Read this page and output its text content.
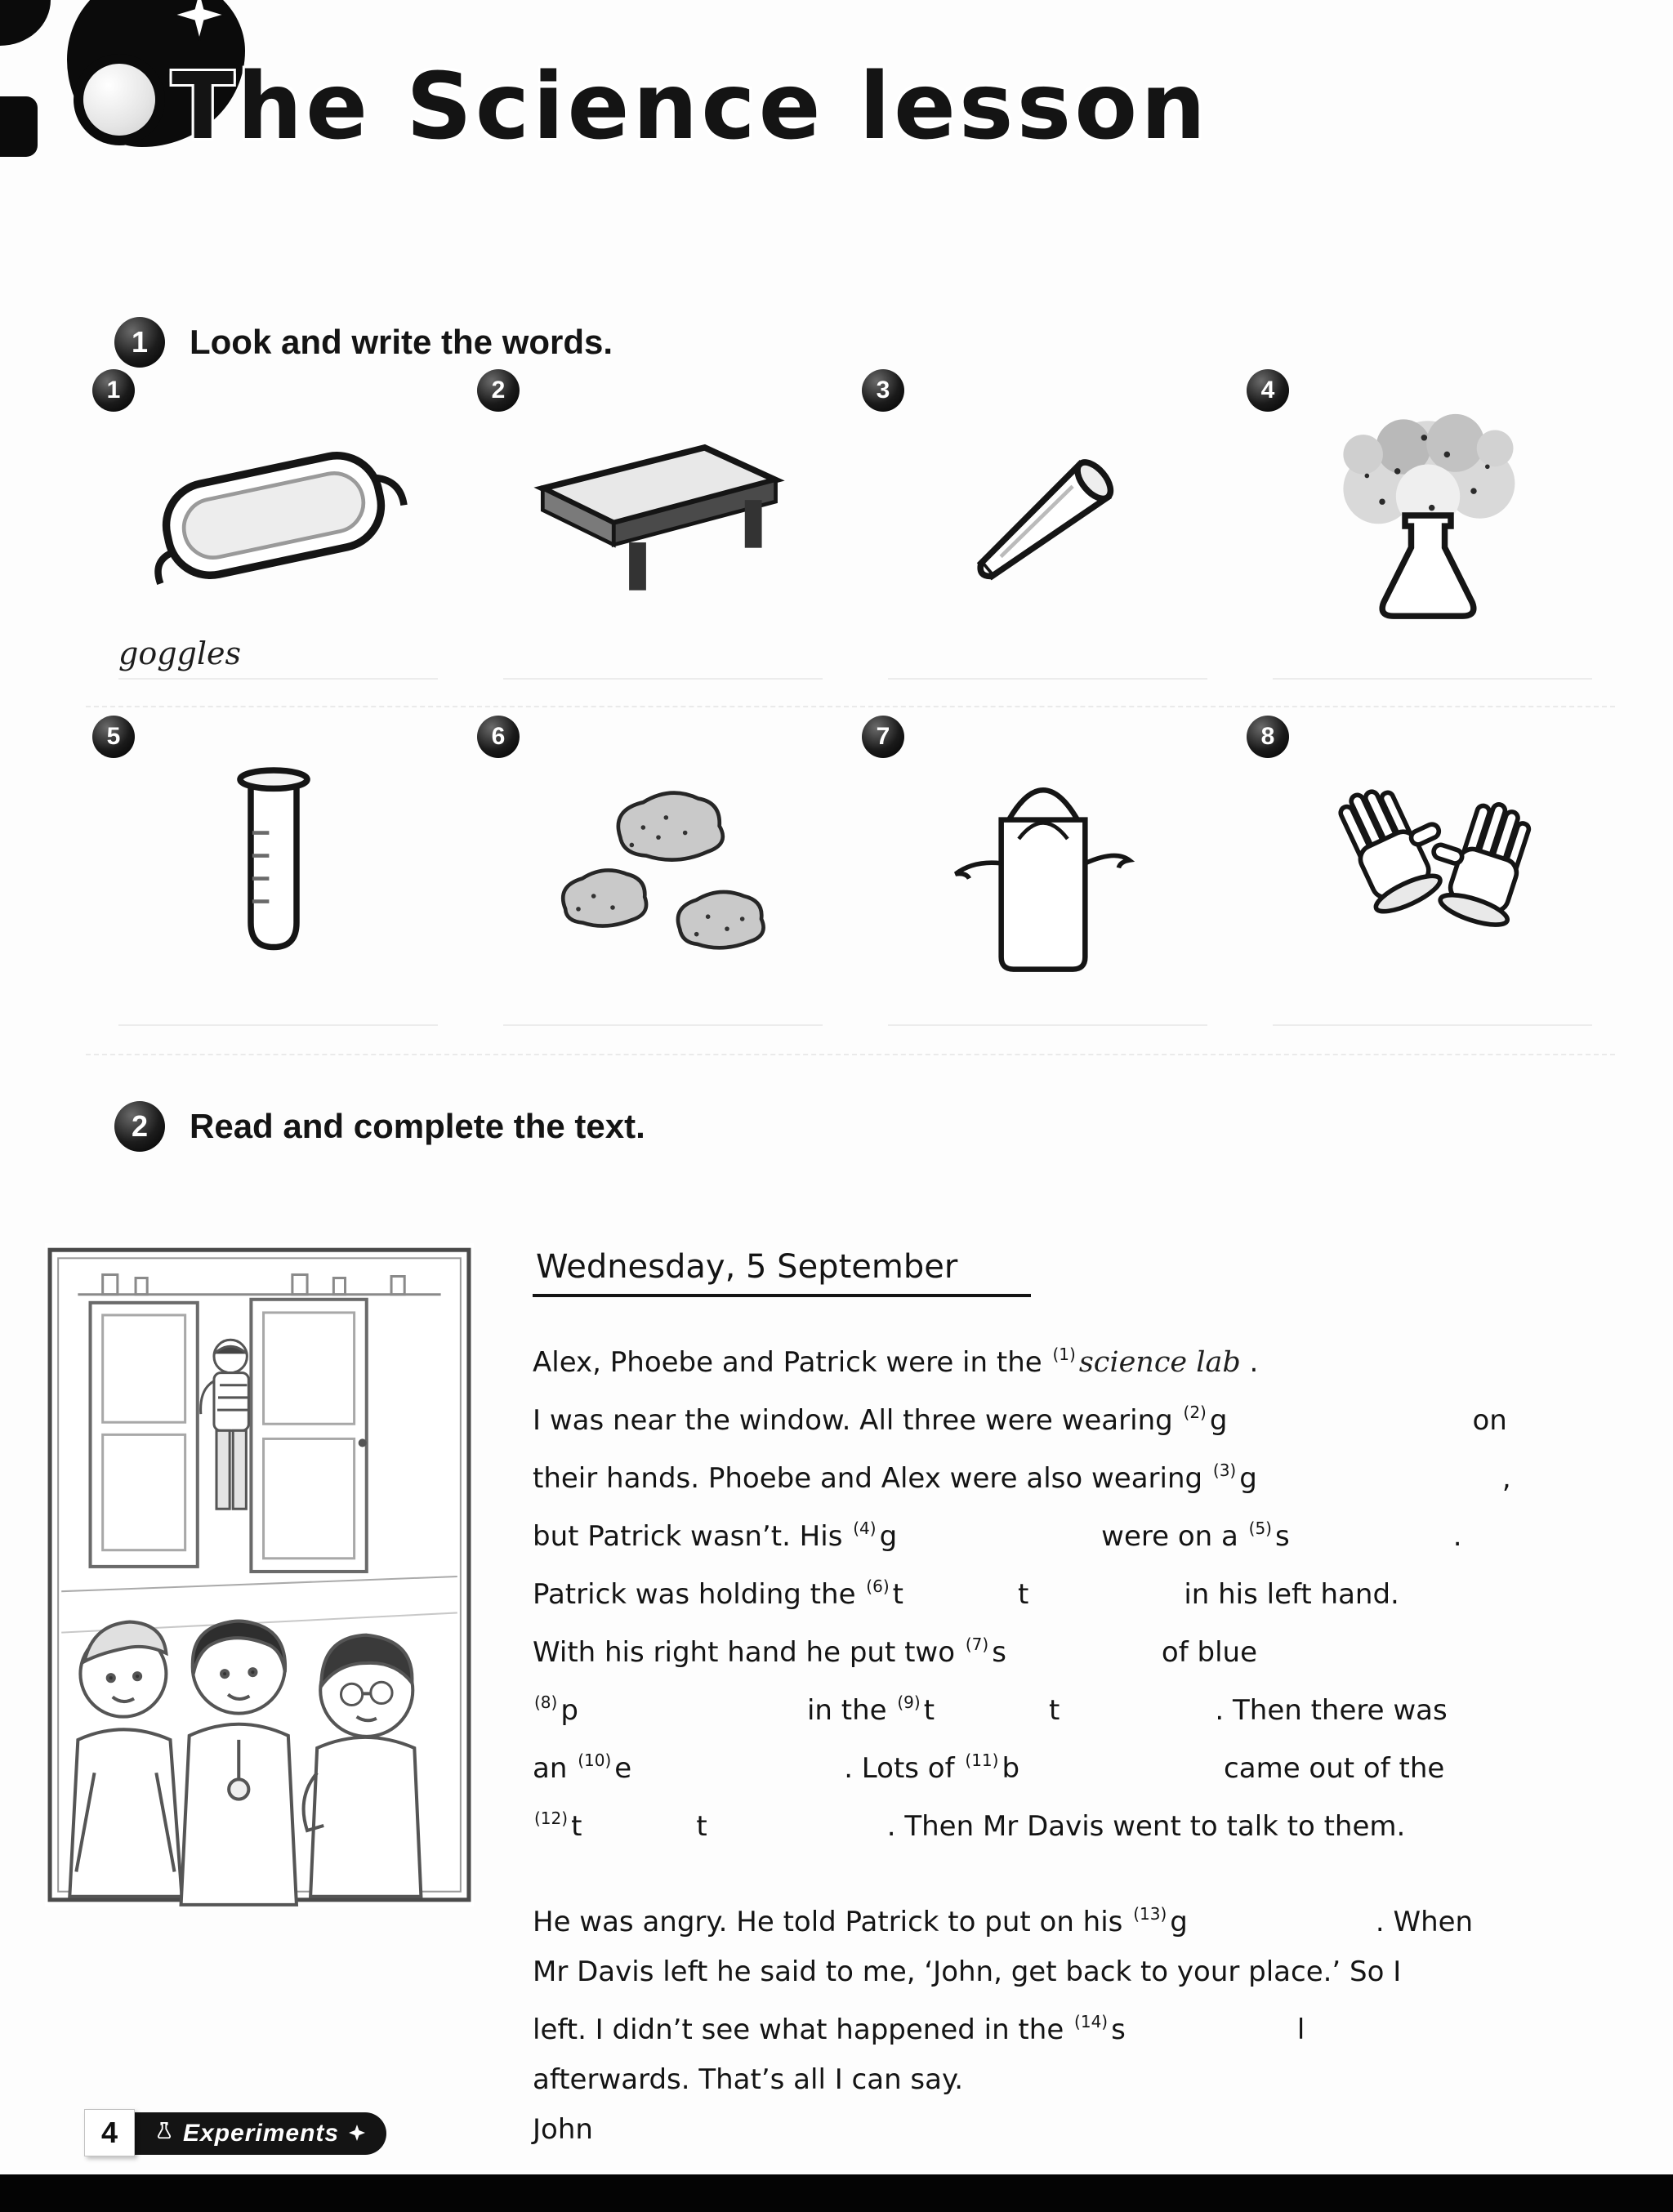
The Science lesson
1	Look and write the words.
1
goggles
2	3	4
5	6	7	8
2	Read and complete the text.
Wednesday, 5 September
Alex, Phoebe and Patrick were in the $^{(1)}$ science lab .
I was near the window. All three were wearing $^{(2)}$ g	on
their hands. Phoebe and Alex were also wearing $^{(3)}$ g	,
but Patrick wasn’t. His $^{(4)}$ g	were on a $^{(5)}$ s	.
Patrick was holding the $^{(6)}$ t	t	in his left hand.
With his right hand he put two $^{(7)}$ s	of blue
$^{(8)}$ p	in the $^{(9)}$ t	t	. Then there was
an $^{(10)}$ e	. Lots of $^{(11)}$ b	came out of the
$^{(12)}$ t	t	. Then Mr Davis went to talk to them.
He was angry. He told Patrick to put on his $^{(13)}$ g	. When
Mr Davis left he said to me, ‘John, get back to your place.’ So I
left. I didn’t see what happened in the $^{(14)}$ s	l
afterwards. That’s all I can say.
John
4	Experiments
